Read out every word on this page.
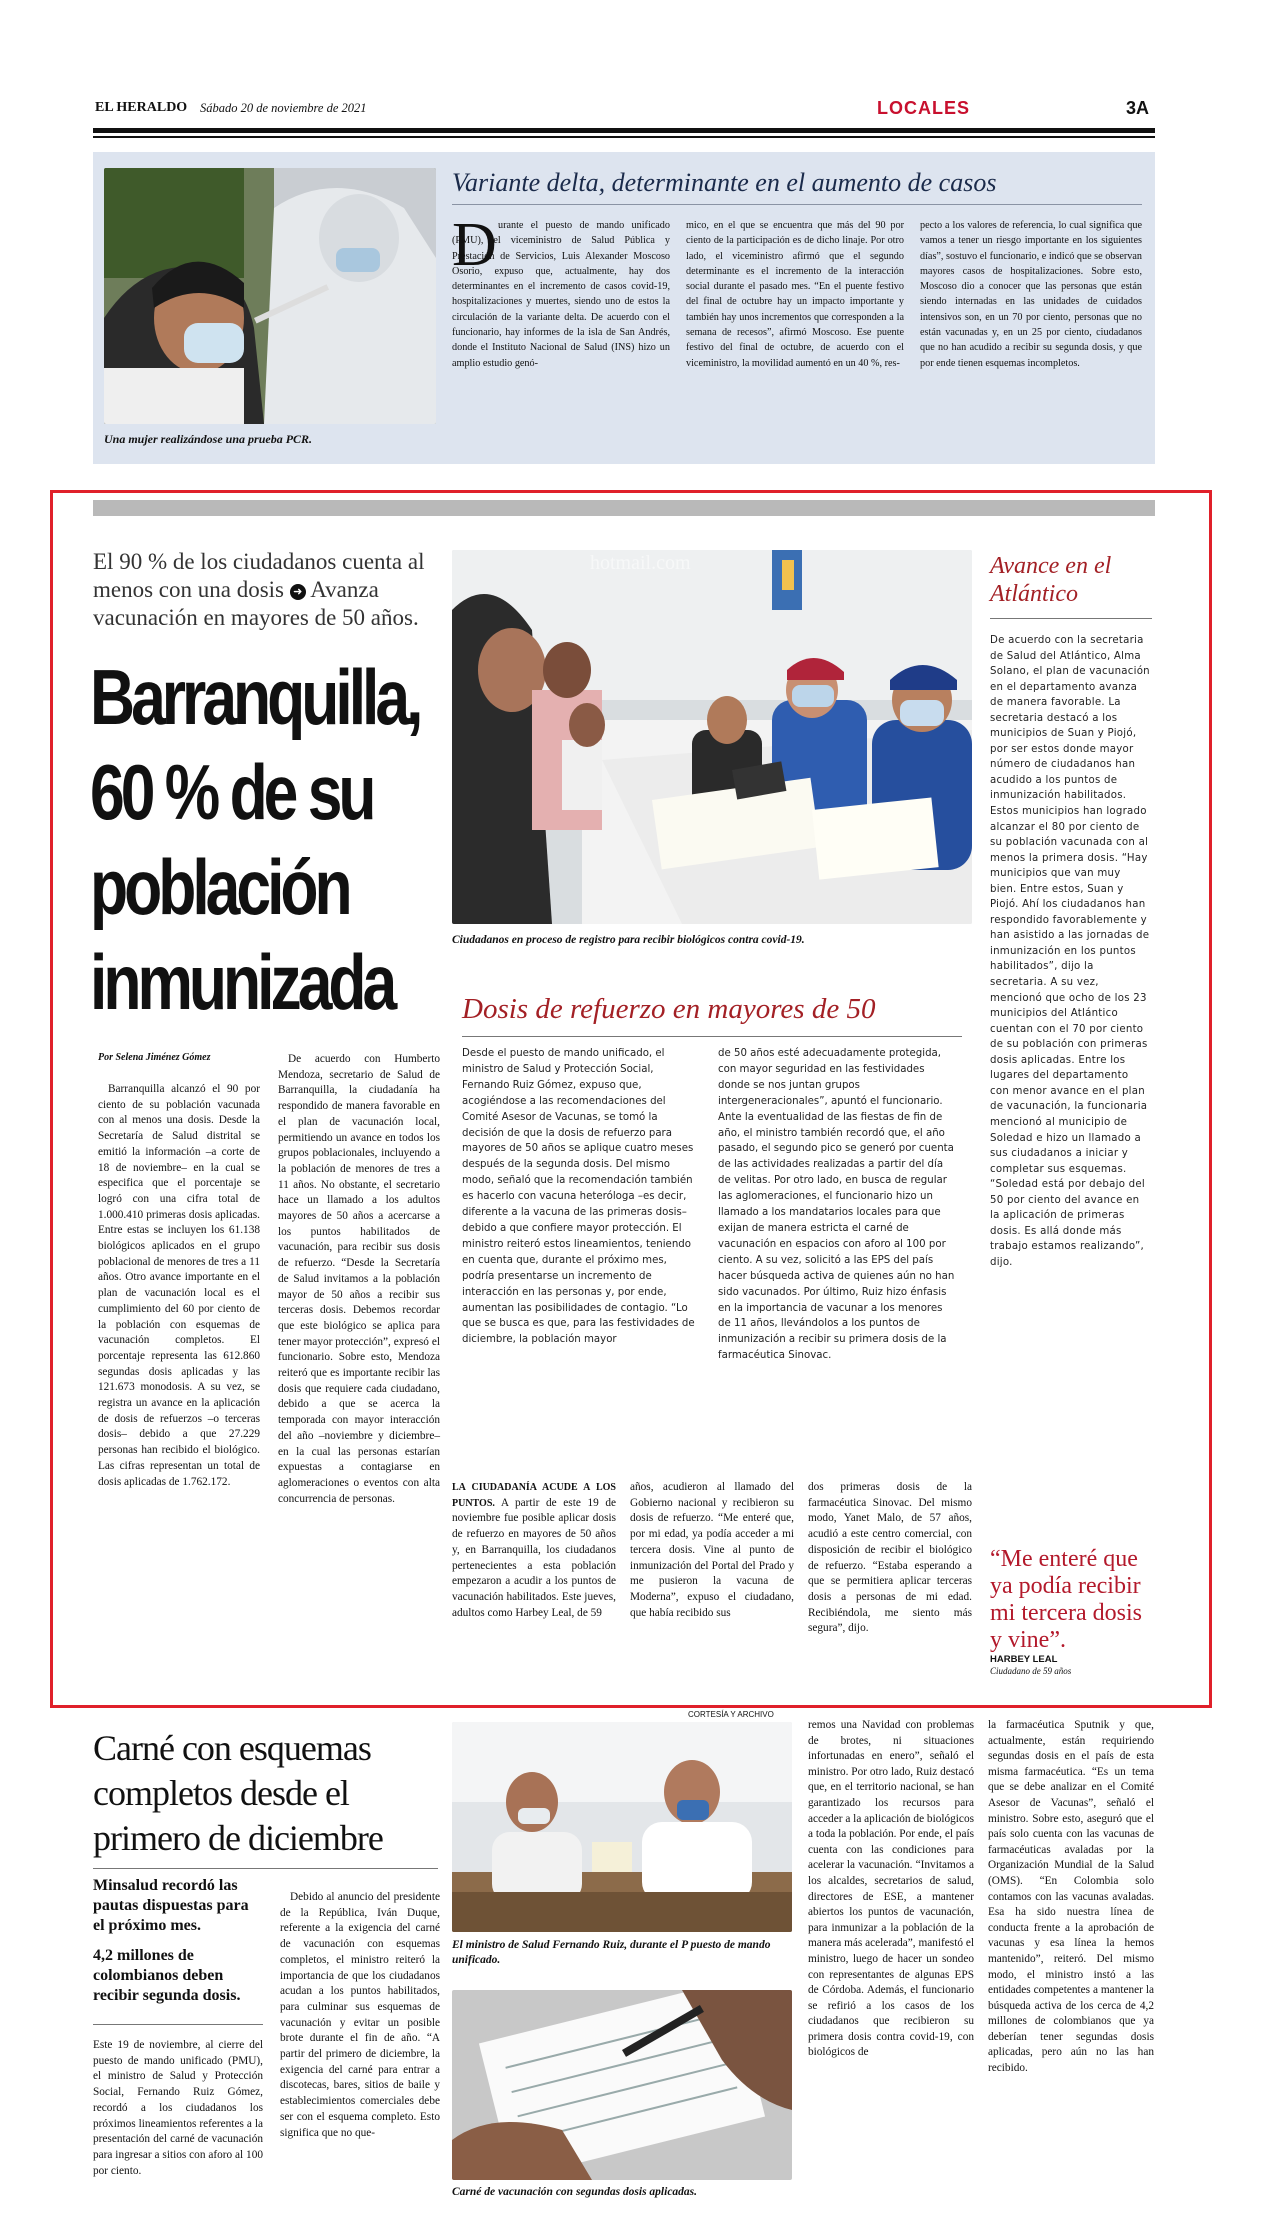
EL HERALDO Sábado 20 de noviembre de 2021	LOCALES	3A
Una mujer realizándose una prueba PCR.
Variante delta, determinante en el aumento de casos
D urante el puesto de mando unificado (PMU), el viceministro de Salud Pública y Prestación de Servicios, Luis Alexander Moscoso Osorio, expuso que, actualmente, hay dos determinantes en el incremento de casos covid-19, hospitalizaciones y muertes, siendo uno de estos la circulación de la variante delta. De acuerdo con el funcionario, hay informes de la isla de San Andrés, donde el Instituto Nacional de Salud (INS) hizo un amplio estudio genó-
mico, en el que se encuentra que más del 90 por ciento de la participación es de dicho linaje. Por otro lado, el viceministro afirmó que el segundo determinante es el incremento de la interacción social durante el pasado mes. “En el puente festivo del final de octubre hay un impacto importante y también hay unos incrementos que corresponden a la semana de recesos”, afirmó Moscoso. Ese puente festivo del final de octubre, de acuerdo con el viceministro, la movilidad aumentó en un 40 %, res-
pecto a los valores de referencia, lo cual significa que vamos a tener un riesgo importante en los siguientes días”, sostuvo el funcionario, e indicó que se observan mayores casos de hospitalizaciones. Sobre esto, Moscoso dio a conocer que las personas que están siendo internadas en las unidades de cuidados intensivos son, en un 70 por ciento, personas que no están vacunadas y, en un 25 por ciento, ciudadanos que no han acudido a recibir su segunda dosis, y que por ende tienen esquemas incompletos.
El 90 % de los ciudadanos cuenta al menos con una dosis ➜ Avanza vacunación en mayores de 50 años.
Barranquilla, 60 % de su población inmunizada
hotmail.com
Ciudadanos en proceso de registro para recibir biológicos contra covid-19.
Avance en el Atlántico
De acuerdo con la secretaria de Salud del Atlántico, Alma Solano, el plan de vacunación en el departamento avanza de manera favorable. La secretaria destacó a los municipios de Suan y Piojó, por ser estos donde mayor número de ciudadanos han acudido a los puntos de inmunización habilitados. Estos municipios han logrado alcanzar el 80 por ciento de su población vacunada con al menos la primera dosis. “Hay municipios que van muy bien. Entre estos, Suan y Piojó. Ahí los ciudadanos han respondido favorablemente y han asistido a las jornadas de inmunización en los puntos habilitados”, dijo la secretaria. A su vez, mencionó que ocho de los 23 municipios del Atlántico cuentan con el 70 por ciento de su población con primeras dosis aplicadas. Entre los lugares del departamento con menor avance en el plan de vacunación, la funcionaria mencionó al municipio de Soledad e hizo un llamado a sus ciudadanos a iniciar y completar sus esquemas. “Soledad está por debajo del 50 por ciento del avance en la aplicación de primeras dosis. Es allá donde más trabajo estamos realizando”, dijo.
“Me enteré que ya podía recibir mi tercera dosis y vine”.
HARBEY LEAL
Ciudadano de 59 años
Por Selena Jiménez Gómez
Barranquilla alcanzó el 90 por ciento de su población vacunada con al menos una dosis. Desde la Secretaría de Salud distrital se emitió la información –a corte de 18 de noviembre– en la cual se especifica que el porcentaje se logró con una cifra total de 1.000.410 primeras dosis aplicadas. Entre estas se incluyen los 61.138 biológicos aplicados en el grupo poblacional de menores de tres a 11 años. Otro avance importante en el plan de vacunación local es el cumplimiento del 60 por ciento de la población con esquemas de vacunación completos. El porcentaje representa las 612.860 segundas dosis aplicadas y las 121.673 monodosis. A su vez, se registra un avance en la aplicación de dosis de refuerzos –o terceras dosis– debido a que 27.229 personas han recibido el biológico. Las cifras representan un total de dosis aplicadas de 1.762.172.
De acuerdo con Humberto Mendoza, secretario de Salud de Barranquilla, la ciudadanía ha respondido de manera favorable en el plan de vacunación local, permitiendo un avance en todos los grupos poblacionales, incluyendo a la población de menores de tres a 11 años. No obstante, el secretario hace un llamado a los adultos mayores de 50 años a acercarse a los puntos habilitados de vacunación, para recibir sus dosis de refuerzo. “Desde la Secretaría de Salud invitamos a la población mayor de 50 años a recibir sus terceras dosis. Debemos recordar que este biológico se aplica para tener mayor protección”, expresó el funcionario. Sobre esto, Mendoza reiteró que es importante recibir las dosis que requiere cada ciudadano, debido a que se acerca la temporada con mayor interacción del año –noviembre y diciembre– en la cual las personas estarían expuestas a contagiarse en aglomeraciones o eventos con alta concurrencia de personas.
Dosis de refuerzo en mayores de 50
Desde el puesto de mando unificado, el ministro de Salud y Protección Social, Fernando Ruiz Gómez, expuso que, acogiéndose a las recomendaciones del Comité Asesor de Vacunas, se tomó la decisión de que la dosis de refuerzo para mayores de 50 años se aplique cuatro meses después de la segunda dosis. Del mismo modo, señaló que la recomendación también es hacerlo con vacuna heteróloga –es decir, diferente a la vacuna de las primeras dosis– debido a que confiere mayor protección. El ministro reiteró estos lineamientos, teniendo en cuenta que, durante el próximo mes, podría presentarse un incremento de interacción en las personas y, por ende, aumentan las posibilidades de contagio. “Lo que se busca es que, para las festividades de diciembre, la población mayor
de 50 años esté adecuadamente protegida, con mayor seguridad en las festividades donde se nos juntan grupos intergeneracionales”, apuntó el funcionario. Ante la eventualidad de las fiestas de fin de año, el ministro también recordó que, el año pasado, el segundo pico se generó por cuenta de las actividades realizadas a partir del día de velitas. Por otro lado, en busca de regular las aglomeraciones, el funcionario hizo un llamado a los mandatarios locales para que exijan de manera estricta el carné de vacunación en espacios con aforo al 100 por ciento. A su vez, solicitó a las EPS del país hacer búsqueda activa de quienes aún no han sido vacunados. Por último, Ruiz hizo énfasis en la importancia de vacunar a los menores de 11 años, llevándolos a los puntos de inmunización a recibir su primera dosis de la farmacéutica Sinovac.
LA CIUDADANÍA ACUDE A LOS PUNTOS. A partir de este 19 de noviembre fue posible aplicar dosis de refuerzo en mayores de 50 años y, en Barranquilla, los ciudadanos pertenecientes a esta población empezaron a acudir a los puntos de vacunación habilitados. Este jueves, adultos como Harbey Leal, de 59
años, acudieron al llamado del Gobierno nacional y recibieron su dosis de refuerzo. “Me enteré que, por mi edad, ya podía acceder a mi tercera dosis. Vine al punto de inmunización del Portal del Prado y me pusieron la vacuna de Moderna”, expuso el ciudadano, que había recibido sus
dos primeras dosis de la farmacéutica Sinovac. Del mismo modo, Yanet Malo, de 57 años, acudió a este centro comercial, con disposición de recibir el biológico de refuerzo. “Estaba esperando a que se permitiera aplicar terceras dosis a personas de mi edad. Recibiéndola, me siento más segura”, dijo.
Carné con esquemas completos desde el primero de diciembre
Minsalud recordó las pautas dispuestas para el próximo mes.
4,2 millones de colombianos deben recibir segunda dosis.
Este 19 de noviembre, al cierre del puesto de mando unificado (PMU), el ministro de Salud y Protección Social, Fernando Ruiz Gómez, recordó a los ciudadanos los próximos lineamientos referentes a la presentación del carné de vacunación para ingresar a sitios con aforo al 100 por ciento.
Debido al anuncio del presidente de la República, Iván Duque, referente a la exigencia del carné de vacunación con esquemas completos, el ministro reiteró la importancia de que los ciudadanos acudan a los puntos habilitados, para culminar sus esquemas de vacunación y evitar un posible brote durante el fin de año. “A partir del primero de diciembre, la exigencia del carné para entrar a discotecas, bares, sitios de baile y establecimientos comerciales debe ser con el esquema completo. Esto significa que no que-
CORTESÍA Y ARCHIVO
El ministro de Salud Fernando Ruiz, durante el P puesto de mando unificado.
Carné de vacunación con segundas dosis aplicadas.
remos una Navidad con problemas de brotes, ni situaciones infortunadas en enero”, señaló el ministro. Por otro lado, Ruiz destacó que, en el territorio nacional, se han garantizado los recursos para acceder a la aplicación de biológicos a toda la población. Por ende, el país cuenta con las condiciones para acelerar la vacunación. “Invitamos a los alcaldes, secretarios de salud, directores de ESE, a mantener abiertos los puntos de vacunación, para inmunizar a la población de la manera más acelerada”, manifestó el ministro, luego de hacer un sondeo con representantes de algunas EPS de Córdoba. Además, el funcionario se refirió a los casos de los ciudadanos que recibieron su primera dosis contra covid-19, con biológicos de
la farmacéutica Sputnik y que, actualmente, están requiriendo segundas dosis en el país de esta misma farmacéutica. “Es un tema que se debe analizar en el Comité Asesor de Vacunas”, señaló el ministro. Sobre esto, aseguró que el país solo cuenta con las vacunas de farmacéuticas avaladas por la Organización Mundial de la Salud (OMS). “En Colombia solo contamos con las vacunas avaladas. Esa ha sido nuestra línea de conducta frente a la aprobación de vacunas y esa línea la hemos mantenido”, reiteró. Del mismo modo, el ministro instó a las entidades competentes a mantener la búsqueda activa de los cerca de 4,2 millones de colombianos que ya deberían tener segundas dosis aplicadas, pero aún no las han recibido.
